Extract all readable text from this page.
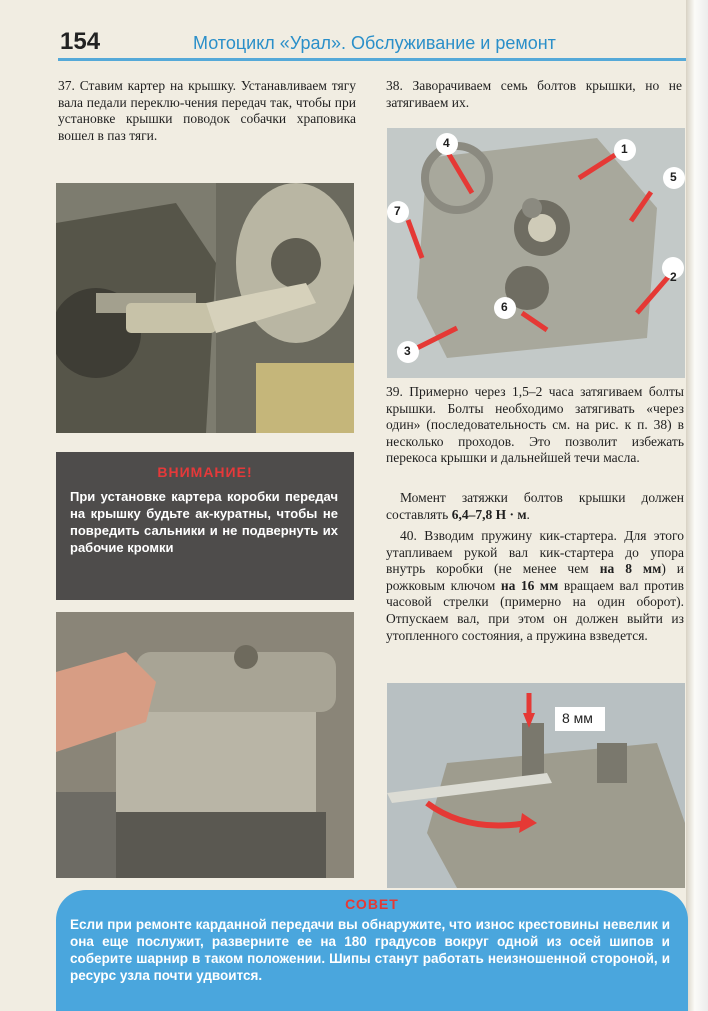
154	Мотоцикл «Урал». Обслуживание и ремонт

37. Ставим картер на крышку. Устанавливаем тягу вала педали переклю-чения передач так, чтобы при установке крышки поводок собачки храповика вошел в паз тяги.

ВНИМАНИЕ!
При установке картера коробки передач на крышку будьте ак-куратны, чтобы не повредить сальники и не подвернуть их рабочие кромки

38. Заворачиваем семь болтов крышки, но не затягиваем их.

1
2
3
4
5
6
7

39. Примерно через 1,5–2 часа затягиваем болты крышки. Болты необходимо затягивать «через один» (последовательность см. на рис. к п. 38) в несколько проходов. Это позволит избежать перекоса крышки и дальнейшей течи масла.

Момент затяжки болтов крышки должен составлять 6,4–7,8 Н · м.

40. Взводим пружину кик-стартера. Для этого утапливаем рукой вал кик-стартера до упора внутрь коробки (не менее чем на 8 мм) и рожковым ключом на 16 мм вращаем вал против часовой стрелки (примерно на один оборот). Отпускаем вал, при этом он должен выйти из утопленного состояния, а пружина взведется.

8 мм
СОВЕТ
Если при ремонте карданной передачи вы обнаружите, что износ крестовины невелик и она еще послужит, разверните ее на 180 градусов вокруг одной из осей шипов и соберите шарнир в таком положении. Шипы станут работать неизношенной стороной, и ресурс узла почти удвоится.
